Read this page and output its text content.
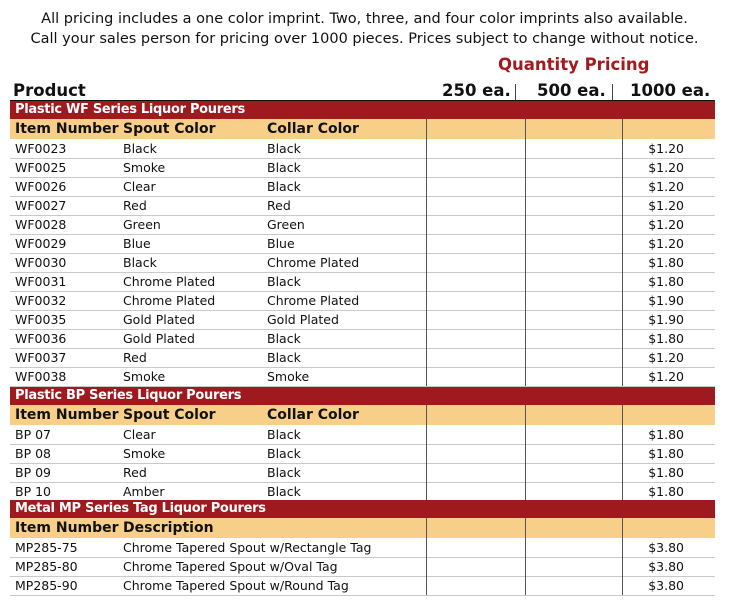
All pricing includes a one color imprint. Two, three, and four color imprints also available.
Call your sales person for pricing over 1000 pieces. Prices subject to change without notice.
Quantity Pricing
Product	250 ea. 500 ea. 1000 ea.
Plastic WF Series Liquor Pourers
Item Number Spout Color	Collar Color
WF0023	Black	Black	$1.20
WF0025	Smoke	Black	$1.20
WF0026	Clear	Black	$1.20
WF0027	Red	Red	$1.20
WF0028	Green	Green	$1.20
WF0029	Blue	Blue	$1.20
WF0030	Black	Chrome Plated	$1.80
WF0031	Chrome Plated	Black	$1.80
WF0032	Chrome Plated	Chrome Plated	$1.90
WF0035	Gold Plated	Gold Plated	$1.90
WF0036	Gold Plated	Black	$1.80
WF0037	Red	Black	$1.20
WF0038	Smoke	Smoke	$1.20
Plastic BP Series Liquor Pourers
Item Number Spout Color	Collar Color
BP 07	Clear	Black	$1.80
BP 08	Smoke	Black	$1.80
BP 09	Red	Black	$1.80
BP 10	Amber	Black	$1.80
Metal MP Series Tag Liquor Pourers
Item Number Description
MP285-75	Chrome Tapered Spout w/Rectangle Tag	$3.80
MP285-80	Chrome Tapered Spout w/Oval Tag	$3.80
MP285-90	Chrome Tapered Spout w/Round Tag	$3.80
